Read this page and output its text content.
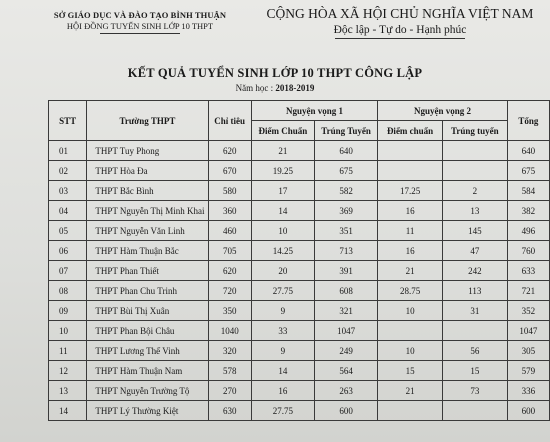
SỞ GIÁO DỤC VÀ ĐÀO TẠO BÌNH THUẬN
HỘI ĐỒNG TUYỂN SINH LỚP 10 THPT
CỘNG HÒA XÃ HỘI CHỦ NGHĨA VIỆT NAM
Độc lập - Tự do - Hạnh phúc
KẾT QUẢ TUYỂN SINH LỚP 10 THPT CÔNG LẬP
Năm học : 2018-2019
STT	Trường THPT	Chỉ tiêu	Nguyện vọng 1		Nguyện vọng 2		Tổng
			Điểm Chuẩn	Trúng Tuyển	Điểm chuẩn	Trúng tuyển	
01	THPT Tuy Phong	620	21	640			640
02	THPT Hòa Đa	670	19.25	675			675
03	THPT Bắc Bình	580	17	582	17.25	2	584
04	THPT Nguyễn Thị Minh Khai	360	14	369	16	13	382
05	THPT Nguyễn Văn Linh	460	10	351	11	145	496
06	THPT Hàm Thuận Bắc	705	14.25	713	16	47	760
07	THPT Phan Thiết	620	20	391	21	242	633
08	THPT Phan Chu Trinh	720	27.75	608	28.75	113	721
09	THPT Bùi Thị Xuân	350	9	321	10	31	352
10	THPT Phan Bội Châu	1040	33	1047			1047
11	THPT Lương Thế Vinh	320	9	249	10	56	305
12	THPT Hàm Thuận Nam	578	14	564	15	15	579
13	THPT Nguyễn Trường Tộ	270	16	263	21	73	336
14	THPT Lý Thường Kiệt	630	27.75	600			600
